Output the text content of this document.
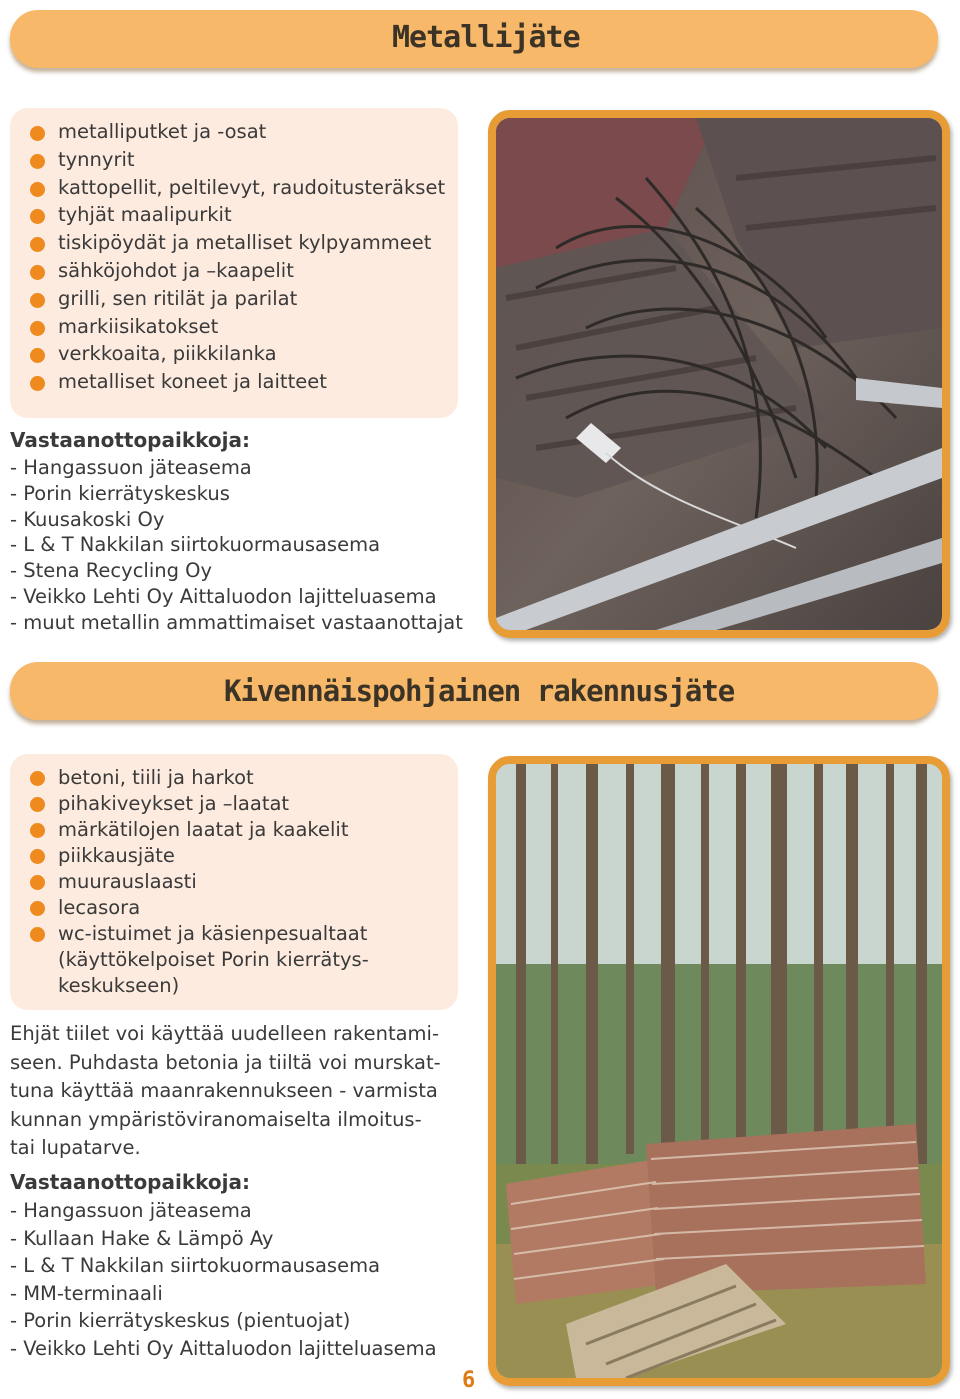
Metallijäte
metalliputket ja -osat
tynnyrit
kattopellit, peltilevyt, raudoitusteräkset
tyhjät maalipurkit
tiskipöydät ja metalliset kylpyammeet
sähköjohdot ja –kaapelit
grilli, sen ritilät ja parilat
markiisikatokset
verkkoaita, piikkilanka
metalliset koneet ja laitteet
Vastaanottopaikkoja:
- Hangassuon jäteasema
- Porin kierrätyskeskus
- Kuusakoski Oy
- L & T Nakkilan siirtokuormausasema
- Stena Recycling Oy
- Veikko Lehti Oy Aittaluodon lajitteluasema
- muut metallin ammattimaiset vastaanottajat
Kivennäispohjainen rakennusjäte
betoni, tiili ja harkot
pihakiveykset ja –laatat
märkätilojen laatat ja kaakelit
piikkausjäte
muurauslaasti
lecasora
wc-istuimet ja käsienpesualtaat
(käyttökelpoiset Porin kierrätys-
keskukseen)
Ehjät tiilet voi käyttää uudelleen rakentami-
seen. Puhdasta betonia ja tiiltä voi murskat-
tuna käyttää maanrakennukseen - varmista
kunnan ympäristöviranomaiselta ilmoitus-
tai lupatarve.
Vastaanottopaikkoja:
- Hangassuon jäteasema
- Kullaan Hake & Lämpö Ay
- L & T Nakkilan siirtokuormausasema
- MM-terminaali
- Porin kierrätyskeskus (pientuojat)
- Veikko Lehti Oy Aittaluodon lajitteluasema
6
